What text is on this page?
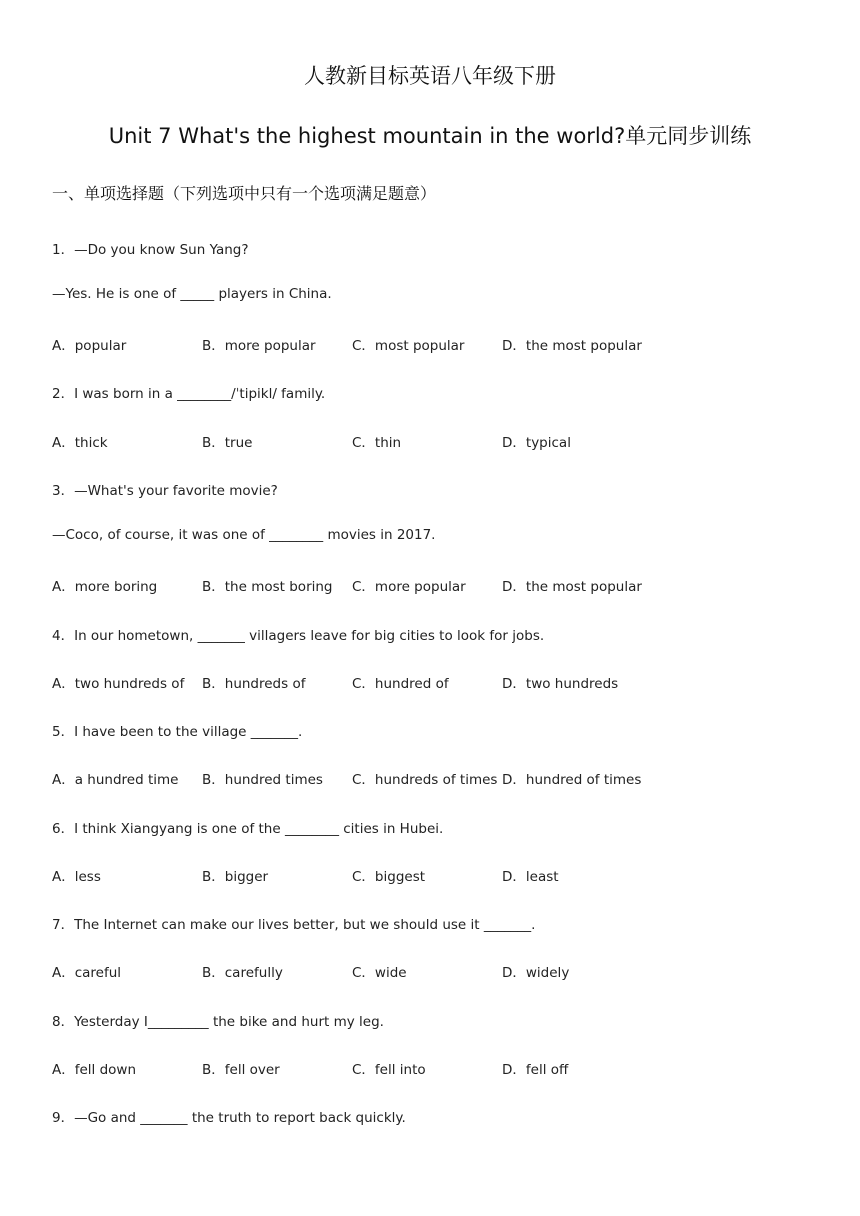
人教新目标英语八年级下册
Unit 7 What's the highest mountain in the world?单元同步训练
一、单项选择题（下列选项中只有一个选项满足题意）
1．—Do you know Sun Yang?
—Yes. He is one of _____ players in China.
A．popular	B．more popular	C．most popular	D．the most popular
2．I was born in a ________/ˈtipikl/ family.
A．thick	B．true	C．thin	D．typical
3．—What's your favorite movie?
—Coco, of course, it was one of ________ movies in 2017.
A．more boring	B．the most boring C．more popular	D．the most popular
4．In our hometown, _______ villagers leave for big cities to look for jobs.
A．two hundreds of B．hundreds of	C．hundred of	D．two hundreds
5．I have been to the village _______.
A．a hundred time B．hundred times C．hundreds of times D．hundred of times
6．I think Xiangyang is one of the ________ cities in Hubei.
A．less	B．bigger	C．biggest	D．least
7．The Internet can make our lives better, but we should use it _______.
A．careful	B．carefully	C．wide	D．widely
8．Yesterday I_________ the bike and hurt my leg.
A．fell down	B．fell over	C．fell into	D．fell off
9．—Go and _______ the truth to report back quickly.
